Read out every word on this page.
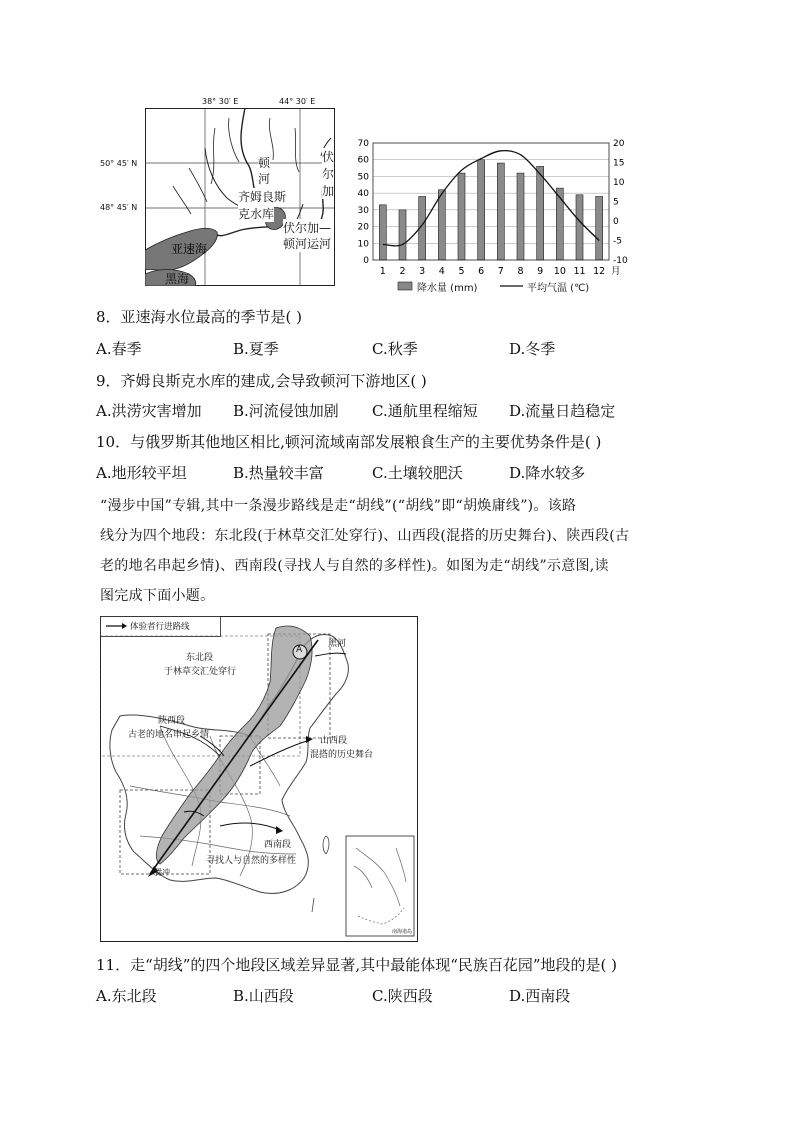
38° 30′ E	44° 30′ E
50° 45′ N
48° 45′ N
顿
河
齐姆良斯
克水库
伏
尔
加
伏尔加—
顿河运河
亚速海
黑海
70
60
50
40
30
20
10
0
20
15
10
5
0
-5
-10
1 2 3 4 5 6 7 8 9 10 11 12 月
降水量 (mm)	平均气温 (℃)
8．亚速海水位最高的季节是( )
A.春季	B.夏季	C.秋季	D.冬季
9．齐姆良斯克水库的建成,会导致顿河下游地区( )
A.洪涝灾害增加 B.河流侵蚀加剧 C.通航里程缩短 D.流量日趋稳定
10．与俄罗斯其他地区相比,顿河流域南部发展粮食生产的主要优势条件是( )
A.地形较平坦	B.热量较丰富	C.土壤较肥沃	D.降水较多
“漫步中国”专辑,其中一条漫步路线是走“胡线”(“胡线”即“胡焕庸线”)。该路
线分为四个地段：东北段(于林草交汇处穿行)、山西段(混搭的历史舞台)、陕西段(古
老的地名串起乡情)、西南段(寻找人与自然的多样性)。如图为走“胡线”示意图,读
图完成下面小题。
体验者行进路线
东北段
于林草交汇处穿行
黑河
A
陕西段
古老的地名串起乡情
山西段
混搭的历史舞台
西南段
寻找人与自然的多样性
腾冲
南海诸岛
11．走“胡线”的四个地段区域差异显著,其中最能体现“民族百花园”地段的是( )
A.东北段	B.山西段	C.陕西段	D.西南段
